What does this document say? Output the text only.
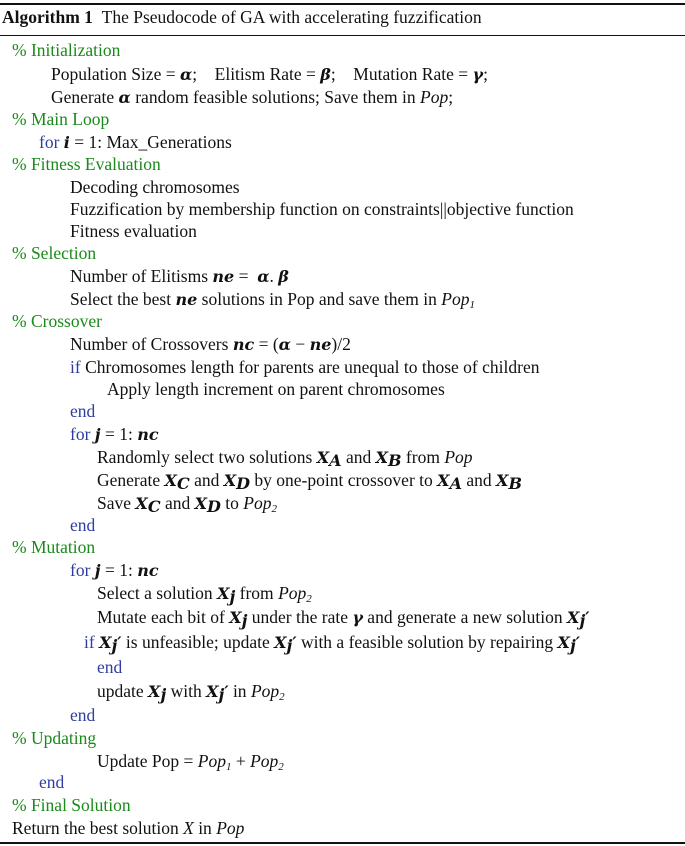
Algorithm 1 The Pseudocode of GA with accelerating fuzzification
% Initialization
Population Size = α;    Elitism Rate = β;    Mutation Rate = γ;
Generate α random feasible solutions; Save them in Pop;
% Main Loop
for i = 1: Max_Generations
% Fitness Evaluation
Decoding chromosomes
Fuzzification by membership function on constraints||objective function
Fitness evaluation
% Selection
Number of Elitisms ne =  α. β
Select the best ne solutions in Pop and save them in Pop$_1$
% Crossover
Number of Crossovers nc = (α − ne)/2
if Chromosomes length for parents are unequal to those of children
Apply length increment on parent chromosomes
end
for j = 1: nc
Randomly select two solutions $X_A$ and $X_B$ from Pop
Generate $X_C$ and $X_D$ by one-point crossover to $X_A$ and $X_B$
Save $X_C$ and $X_D$ to Pop$_2$
end
% Mutation
for j = 1: nc
Select a solution $X_j$ from Pop$_2$
Mutate each bit of $X_j$ under the rate γ and generate a new solution $X_j'$
if $X_j'$ is unfeasible; update $X_j'$ with a feasible solution by repairing $X_j'$
end
update $X_j$ with $X_j'$ in Pop$_2$
end
% Updating
Update Pop = Pop$_1$ + Pop$_2$
end
% Final Solution
Return the best solution X in Pop
